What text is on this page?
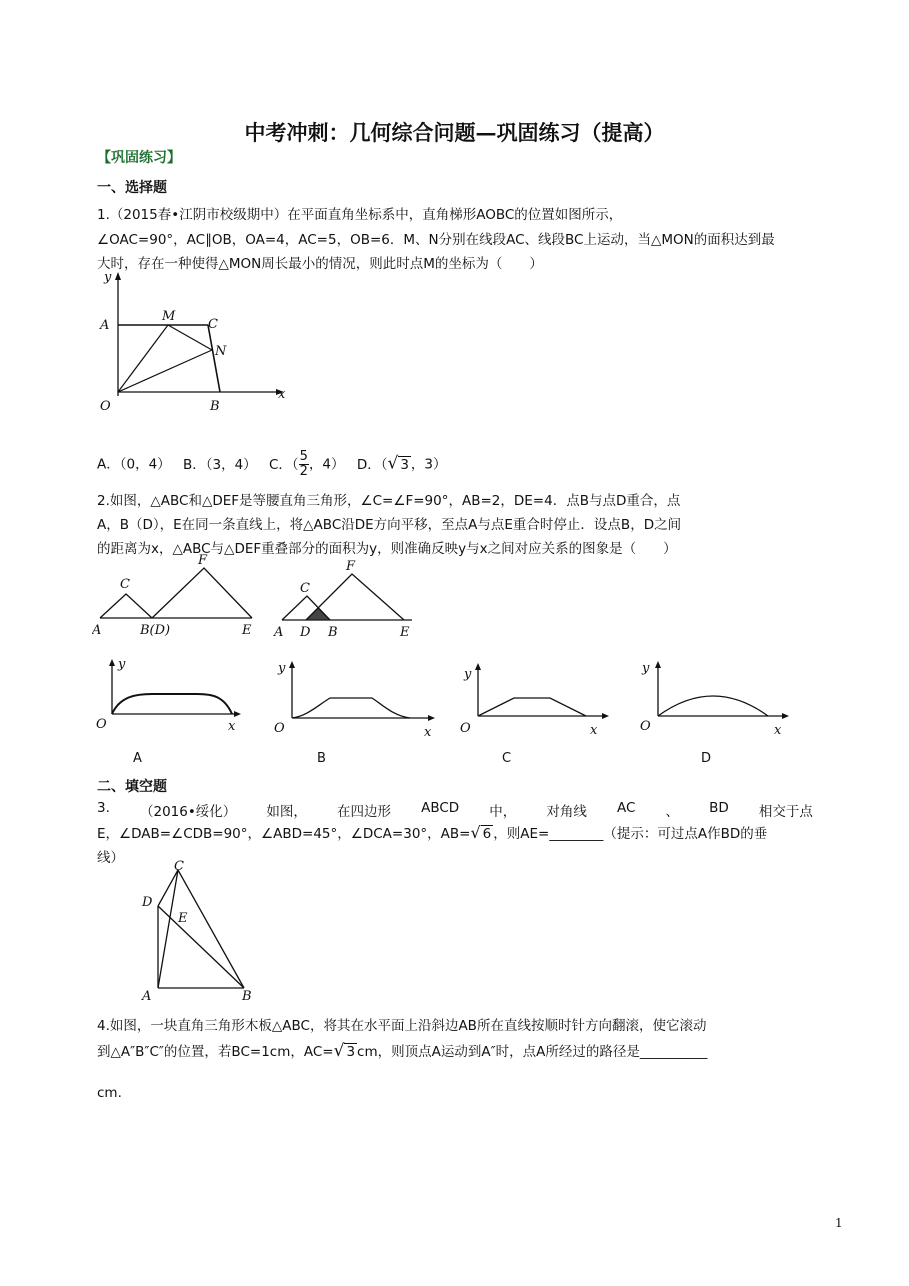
中考冲刺：几何综合问题—巩固练习（提高）
【巩固练习】
一、选择题
1.（2015春•江阴市校级期中）在平面直角坐标系中，直角梯形AOBC的位置如图所示，
∠OAC=90°，AC∥OB，OA=4，AC=5，OB=6．M、N分别在线段AC、线段BC上运动，当△MON的面积达到最
大时，存在一种使得△MON周长最小的情况，则此时点M的坐标为（　　）
y
x
A
M
C
N
O	B
A．（0，4） B．（3，4） C．（ $\frac{5}{2}$ ，4） D．（√ 3 ，3）
2.如图，△ABC和△DEF是等腰直角三角形，∠C=∠F=90°，AB=2，DE=4．点B与点D重合，点
A，B（D），E在同一条直线上，将△ABC沿DE方向平移，至点A与点E重合时停止．设点B，D之间
的距离为x，△ABC与△DEF重叠部分的面积为y，则准确反映y与x之间对应关系的图象是（　　）
A	B(D)
C
F
E A D B
C
F
E
y
x
O
A
y
x
O
B
y
x
O
C
y
x
O
D
二、填空题
3. （2016•绥化） 如图， 在四边形 ABCD 中， 对角线 AC 、 BD 相交于点
E，∠DAB=∠CDB=90°，∠ABD=45°，∠DCA=30°，AB=√ 6 ，则AE=________（提示：可过点A作BD的垂
线）
C
D
E
A	B
4.如图，一块直角三角形木板△ABC，将其在水平面上沿斜边AB所在直线按顺时针方向翻滚，使它滚动
到△A″B″C″的位置，若BC=1cm，AC=√ 3 cm，则顶点A运动到A″时，点A所经过的路径是__________
cm.
1
